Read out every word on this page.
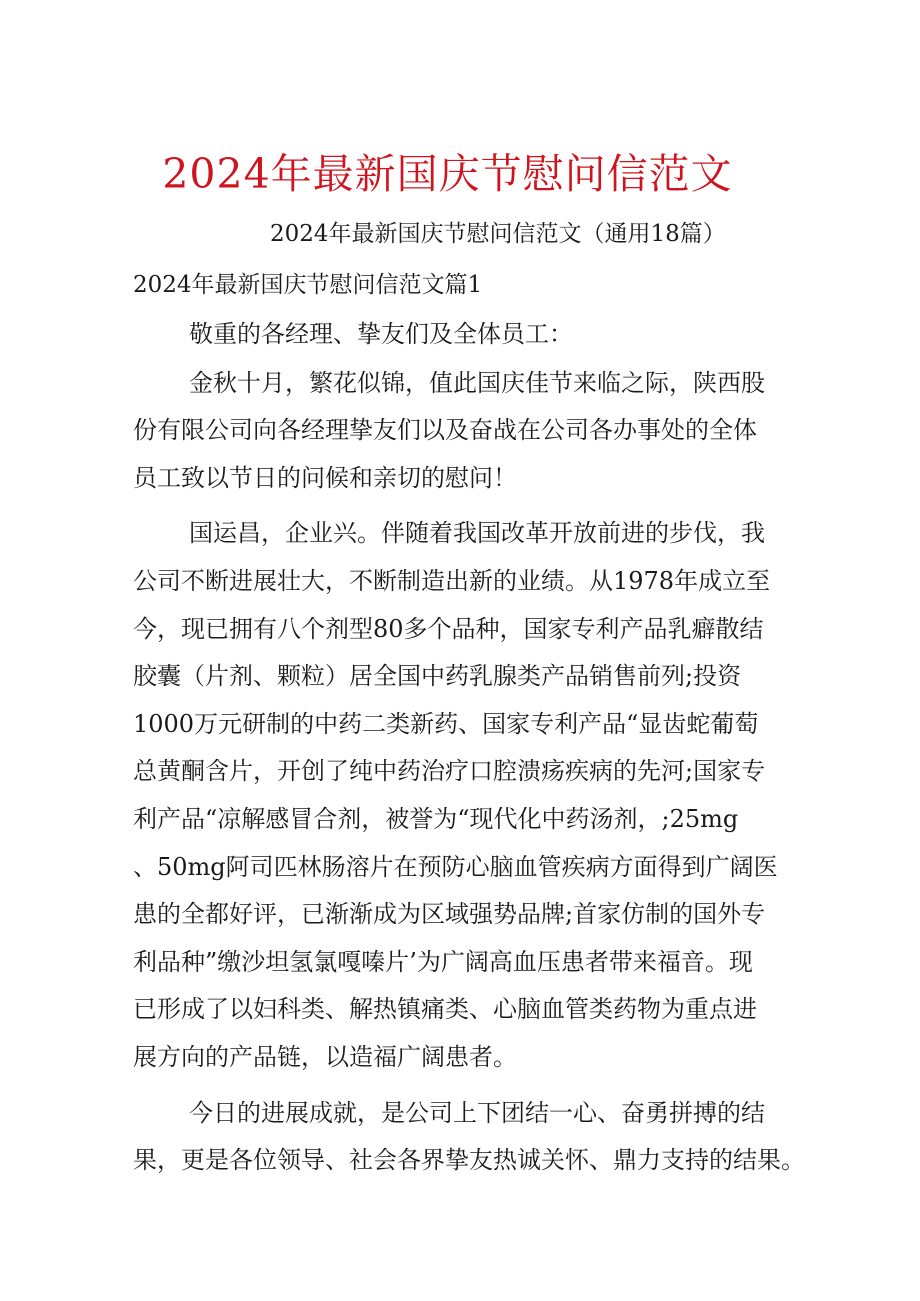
2024年最新国庆节慰问信范文
2024年最新国庆节慰问信范文（通用18篇）
2024年最新国庆节慰问信范文篇1
敬重的各经理、挚友们及全体员工：
金秋十月，繁花似锦，值此国庆佳节来临之际，陕西股
份有限公司向各经理挚友们以及奋战在公司各办事处的全体
员工致以节日的问候和亲切的慰问！
国运昌，企业兴。伴随着我国改革开放前进的步伐，我
公司不断进展壮大，不断制造出新的业绩。从1978年成立至
今，现已拥有八个剂型80多个品种，国家专利产品乳癖散结
胶囊（片剂、颗粒）居全国中药乳腺类产品销售前列;投资
1000万元研制的中药二类新药、国家专利产品“显齿蛇葡萄
总黄酮含片，开创了纯中药治疗口腔溃疡疾病的先河;国家专
利产品“凉解感冒合剂，被誉为“现代化中药汤剂，;25mg
、50mg阿司匹林肠溶片在预防心脑血管疾病方面得到广阔医
患的全都好评，已渐渐成为区域强势品牌;首家仿制的国外专
利品种”缴沙坦氢氯嘎嗪片’为广阔高血压患者带来福音。现
已形成了以妇科类、解热镇痛类、心脑血管类药物为重点进
展方向的产品链，以造福广阔患者。
今日的进展成就，是公司上下团结一心、奋勇拼搏的结
果，更是各位领导、社会各界挚友热诚关怀、鼎力支持的结果。
